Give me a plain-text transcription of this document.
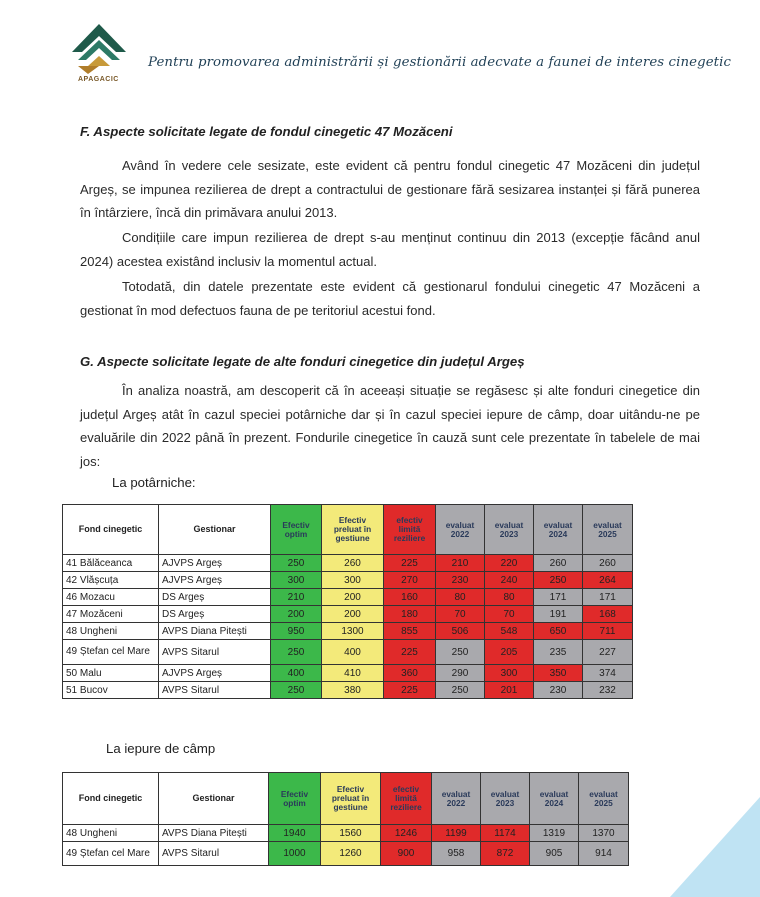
APAGACIC
Pentru promovarea administrării și gestionării adecvate a faunei de interes cinegetic
F. Aspecte solicitate legate de fondul cinegetic 47 Mozăceni
Având în vedere cele sesizate, este evident că pentru fondul cinegetic 47 Mozăceni din județul Argeș, se impunea rezilierea de drept a contractului de gestionare fără sesizarea instanței și fără punerea în întârziere, încă din primăvara anului 2013.
Condițiile care impun rezilierea de drept s-au menținut continuu din 2013 (excepție făcând anul 2024) acestea existând inclusiv la momentul actual.
Totodată, din datele prezentate este evident că gestionarul fondului cinegetic 47 Mozăceni a gestionat în mod defectuos fauna de pe teritoriul acestui fond.
G. Aspecte solicitate legate de alte fonduri cinegetice din județul Argeș
În analiza noastră, am descoperit că în aceeași situație se regăsesc și alte fonduri cinegetice din județul Argeș atât în cazul speciei potârniche dar și în cazul speciei iepure de câmp, doar uitându-ne pe evaluările din 2022 până în prezent. Fondurile cinegetice în cauză sunt cele prezentate în tabelele de mai jos:
La potârniche:
Fond cinegetic	Gestionar	Efectiv optim	Efectiv preluat în gestiune	efectiv limită reziliere	evaluat 2022	evaluat 2023	evaluat 2024	evaluat 2025
41 Bălăceanca	AJVPS Argeș	250	260	225	210	220	260	260
42 Vlășcuța	AJVPS Argeș	300	300	270	230	240	250	264
46 Mozacu	DS Argeș	210	200	160	80	80	171	171
47 Mozăceni	DS Argeș	200	200	180	70	70	191	168
48 Ungheni	AVPS Diana Pitești	950	1300	855	506	548	650	711
49 Ștefan cel Mare	AVPS Sitarul	250	400	225	250	205	235	227
50 Malu	AJVPS Argeș	400	410	360	290	300	350	374
51 Bucov	AVPS Sitarul	250	380	225	250	201	230	232
La iepure de câmp
Fond cinegetic	Gestionar	Efectiv optim	Efectiv preluat în gestiune	efectiv limită reziliere	evaluat 2022	evaluat 2023	evaluat 2024	evaluat 2025
48 Ungheni	AVPS Diana Pitești	1940	1560	1246	1199	1174	1319	1370
49 Ștefan cel Mare	AVPS Sitarul	1000	1260	900	958	872	905	914
